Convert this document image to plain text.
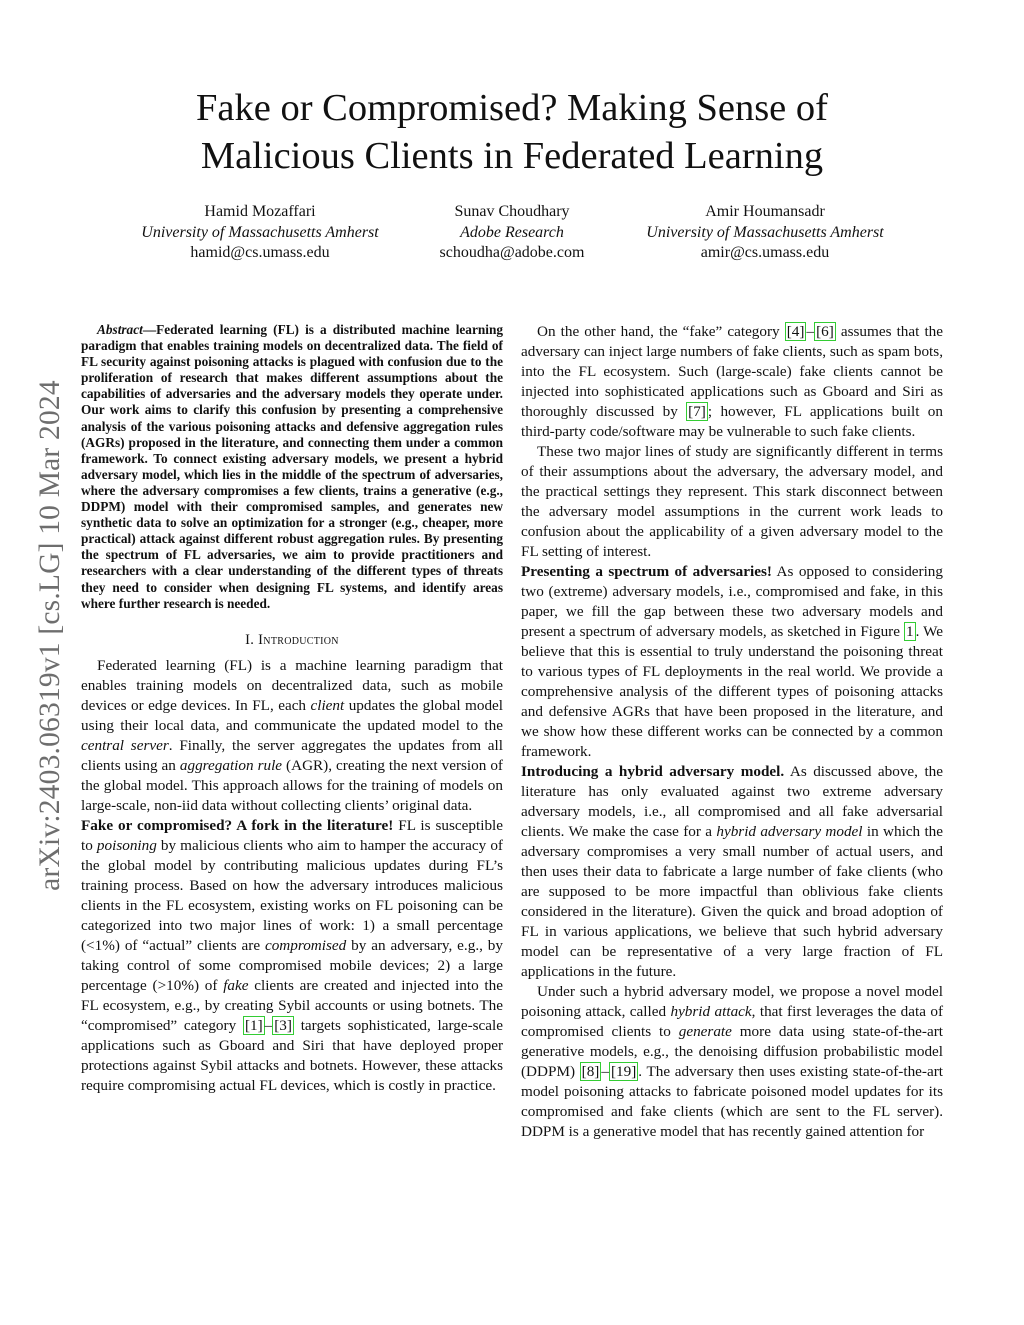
arXiv:2403.06319v1 [cs.LG] 10 Mar 2024
Fake or Compromised? Making Sense of
Malicious Clients in Federated Learning
Hamid Mozaffari
University of Massachusetts Amherst
hamid@cs.umass.edu
Sunav Choudhary
Adobe Research
schoudha@adobe.com
Amir Houmansadr
University of Massachusetts Amherst
amir@cs.umass.edu

Abstract—Federated learning (FL) is a distributed machine learning paradigm that enables training models on decentralized data. The field of FL security against poisoning attacks is plagued with confusion due to the proliferation of research that makes different assumptions about the capabilities of adversaries and the adversary models they operate under. Our work aims to clarify this confusion by presenting a comprehensive analysis of the various poisoning attacks and defensive aggregation rules (AGRs) proposed in the literature, and connecting them under a common framework. To connect existing adversary models, we present a hybrid adversary model, which lies in the middle of the spectrum of adversaries, where the adversary compromises a few clients, trains a generative (e.g., DDPM) model with their compromised samples, and generates new synthetic data to solve an optimization for a stronger (e.g., cheaper, more practical) attack against different robust aggregation rules. By presenting the spectrum of FL adversaries, we aim to provide practitioners and researchers with a clear understanding of the different types of threats they need to consider when designing FL systems, and identify areas where further research is needed.

I. Introduction

Federated learning (FL) is a machine learning paradigm that enables training models on decentralized data, such as mobile devices or edge devices. In FL, each client updates the global model using their local data, and communicate the updated model to the central server. Finally, the server aggregates the updates from all clients using an aggregation rule (AGR), creating the next version of the global model. This approach allows for the training of models on large-scale, non-iid data without collecting clients’ original data.

Fake or compromised? A fork in the literature! FL is susceptible to poisoning by malicious clients who aim to hamper the accuracy of the global model by contributing malicious updates during FL’s training process. Based on how the adversary introduces malicious clients in the FL ecosystem, existing works on FL poisoning can be categorized into two major lines of work: 1) a small percentage (<1%) of “actual” clients are compromised by an adversary, e.g., by taking control of some compromised mobile devices; 2) a large percentage (>10%) of fake clients are created and injected into the FL ecosystem, e.g., by creating Sybil accounts or using botnets. The “compromised” category [1] – [3] targets sophisticated, large-scale applications such as Gboard and Siri that have deployed proper protections against Sybil attacks and botnets. However, these attacks require compromising actual FL devices, which is costly in practice.

On the other hand, the “fake” category [4] – [6] assumes that the adversary can inject large numbers of fake clients, such as spam bots, into the FL ecosystem. Such (large-scale) fake clients cannot be injected into sophisticated applications such as Gboard and Siri as thoroughly discussed by [7] ; however, FL applications built on third-party code/software may be vulnerable to such fake clients.

These two major lines of study are significantly different in terms of their assumptions about the adversary, the adversary model, and the practical settings they represent. This stark disconnect between the adversary model assumptions in the current work leads to confusion about the applicability of a given adversary model to the FL setting of interest.

Presenting a spectrum of adversaries! As opposed to considering two (extreme) adversary models, i.e., compromised and fake, in this paper, we fill the gap between these two adversary models and present a spectrum of adversary models, as sketched in Figure 1 . We believe that this is essential to truly understand the poisoning threat to various types of FL deployments in the real world. We provide a comprehensive analysis of the different types of poisoning attacks and defensive AGRs that have been proposed in the literature, and we show how these different works can be connected by a common framework.

Introducing a hybrid adversary model. As discussed above, the literature has only evaluated against two extreme adversary adversary models, i.e., all compromised and all fake adversarial clients. We make the case for a hybrid adversary model in which the adversary compromises a very small number of actual users, and then uses their data to fabricate a large number of fake clients (who are supposed to be more impactful than oblivious fake clients considered in the literature). Given the quick and broad adoption of FL in various applications, we believe that such hybrid adversary model can be representative of a very large fraction of FL applications in the future.

Under such a hybrid adversary model, we propose a novel model poisoning attack, called hybrid attack, that first leverages the data of compromised clients to generate more data using state-of-the-art generative models, e.g., the denoising diffusion probabilistic model (DDPM) [8] – [19] . The adversary then uses existing state-of-the-art model poisoning attacks to fabricate poisoned model updates for its compromised and fake clients (which are sent to the FL server). DDPM is a generative model that has recently gained attention for
